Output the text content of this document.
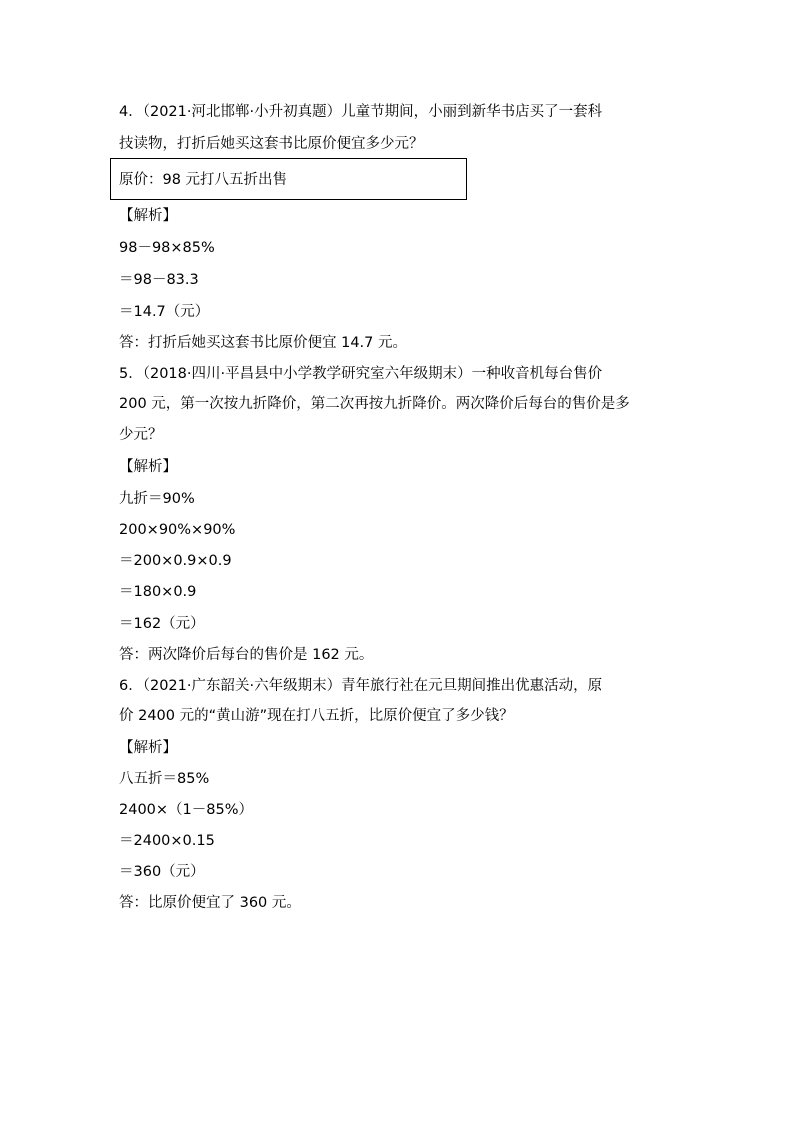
4．（2021·河北邯郸·小升初真题）儿童节期间，小丽到新华书店买了一套科
技读物，打折后她买这套书比原价便宜多少元？
原价：98 元打八五折出售
【解析】
98－98×85%
＝98－83.3
＝14.7（元）
答：打折后她买这套书比原价便宜 14.7 元。
5．（2018·四川·平昌县中小学教学研究室六年级期末）一种收音机每台售价
200 元，第一次按九折降价，第二次再按九折降价。两次降价后每台的售价是多
少元？
【解析】
九折＝90%
200×90%×90%
＝200×0.9×0.9
＝180×0.9
＝162（元）
答：两次降价后每台的售价是 162 元。
6．（2021·广东韶关·六年级期末）青年旅行社在元旦期间推出优惠活动，原
价 2400 元的“黄山游”现在打八五折，比原价便宜了多少钱？
【解析】
八五折＝85%
2400×（1－85%）
＝2400×0.15
＝360（元）
答：比原价便宜了 360 元。
